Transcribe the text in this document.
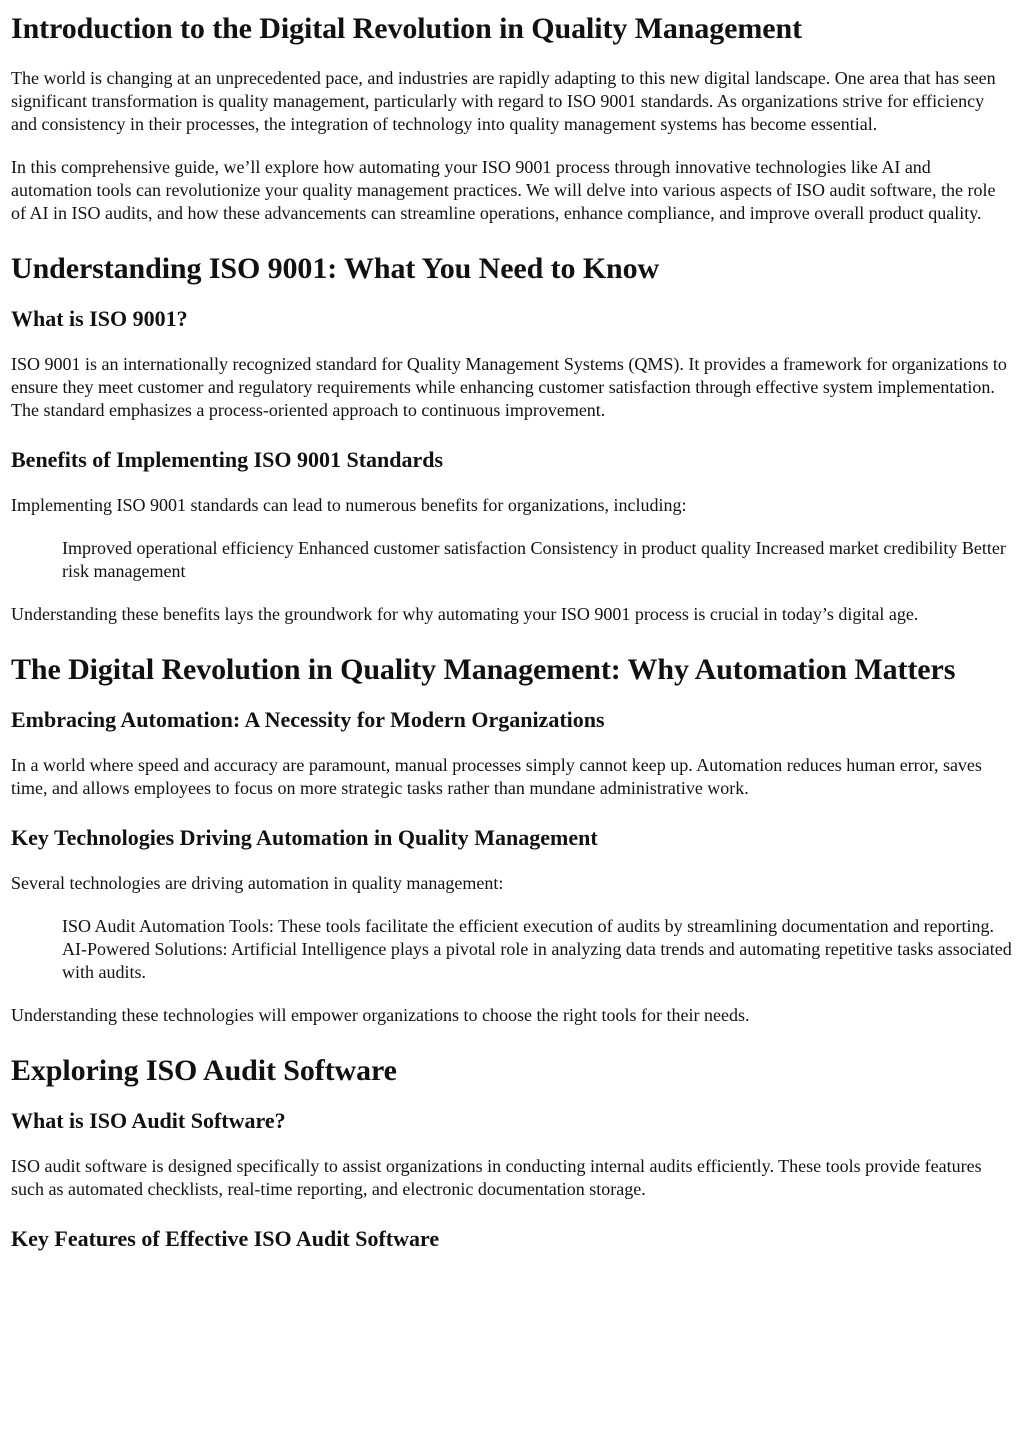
Introduction to the Digital Revolution in Quality Management

The world is changing at an unprecedented pace, and industries are rapidly adapting to this new digital landscape. One area that has seen significant transformation is quality management, particularly with regard to ISO 9001 standards. As organizations strive for efficiency and consistency in their processes, the integration of technology into quality management systems has become essential.

In this comprehensive guide, we’ll explore how automating your ISO 9001 process through innovative technologies like AI and automation tools can revolutionize your quality management practices. We will delve into various aspects of ISO audit software, the role of AI in ISO audits, and how these advancements can streamline operations, enhance compliance, and improve overall product quality.

Understanding ISO 9001: What You Need to Know
What is ISO 9001?

ISO 9001 is an internationally recognized standard for Quality Management Systems (QMS). It provides a framework for organizations to ensure they meet customer and regulatory requirements while enhancing customer satisfaction through effective system implementation. The standard emphasizes a process-oriented approach to continuous improvement.

Benefits of Implementing ISO 9001 Standards

Implementing ISO 9001 standards can lead to numerous benefits for organizations, including:

Improved operational efficiency Enhanced customer satisfaction Consistency in product quality Increased market credibility Better risk management

Understanding these benefits lays the groundwork for why automating your ISO 9001 process is crucial in today’s digital age.

The Digital Revolution in Quality Management: Why Automation Matters
Embracing Automation: A Necessity for Modern Organizations

In a world where speed and accuracy are paramount, manual processes simply cannot keep up. Automation reduces human error, saves time, and allows employees to focus on more strategic tasks rather than mundane administrative work.

Key Technologies Driving Automation in Quality Management

Several technologies are driving automation in quality management:

ISO Audit Automation Tools: These tools facilitate the efficient execution of audits by streamlining documentation and reporting. AI-Powered Solutions: Artificial Intelligence plays a pivotal role in analyzing data trends and automating repetitive tasks associated with audits.

Understanding these technologies will empower organizations to choose the right tools for their needs.

Exploring ISO Audit Software
What is ISO Audit Software?

ISO audit software is designed specifically to assist organizations in conducting internal audits efficiently. These tools provide features such as automated checklists, real-time reporting, and electronic documentation storage.

Key Features of Effective ISO Audit Software
